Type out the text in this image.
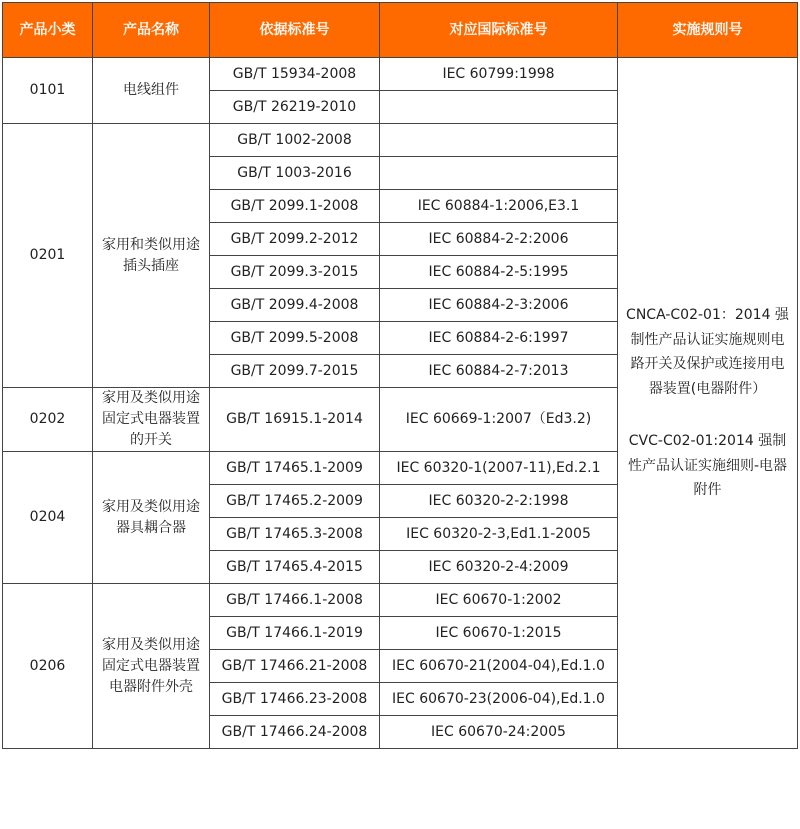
产品小类	产品名称	依据标准号	对应国际标准号	实施规则号
0101	电线组件	GB/T 15934-2008	IEC 60799:1998	CNCA-C02-01：2014 强制性产品认证实施规则电路开关及保护或连接用电器装置(电器附件）

CVC-C02-01:2014 强制性产品认证实施细则-电器附件

		GB/T 26219-2010		
0201	家用和类似用途插头插座	GB/T 1002-2008		
		GB/T 1003-2016		
		GB/T 2099.1-2008	IEC 60884-1:2006,E3.1	
		GB/T 2099.2-2012	IEC 60884-2-2:2006	
		GB/T 2099.3-2015	IEC 60884-2-5:1995	
		GB/T 2099.4-2008	IEC 60884-2-3:2006	
		GB/T 2099.5-2008	IEC 60884-2-6:1997	
		GB/T 2099.7-2015	IEC 60884-2-7:2013	
0202	家用及类似用途固定式电器装置的开关	GB/T 16915.1-2014	IEC 60669-1:2007（Ed3.2)	
0204	家用及类似用途器具耦合器	GB/T 17465.1-2009	IEC 60320-1(2007-11),Ed.2.1	
		GB/T 17465.2-2009	IEC 60320-2-2:1998	
		GB/T 17465.3-2008	IEC 60320-2-3,Ed1.1-2005	
		GB/T 17465.4-2015	IEC 60320-2-4:2009	
0206	家用及类似用途固定式电器装置电器附件外壳	GB/T 17466.1-2008	IEC 60670-1:2002	
		GB/T 17466.1-2019	IEC 60670-1:2015	
		GB/T 17466.21-2008	IEC 60670-21(2004-04),Ed.1.0	
		GB/T 17466.23-2008	IEC 60670-23(2006-04),Ed.1.0	
		GB/T 17466.24-2008	IEC 60670-24:2005	
